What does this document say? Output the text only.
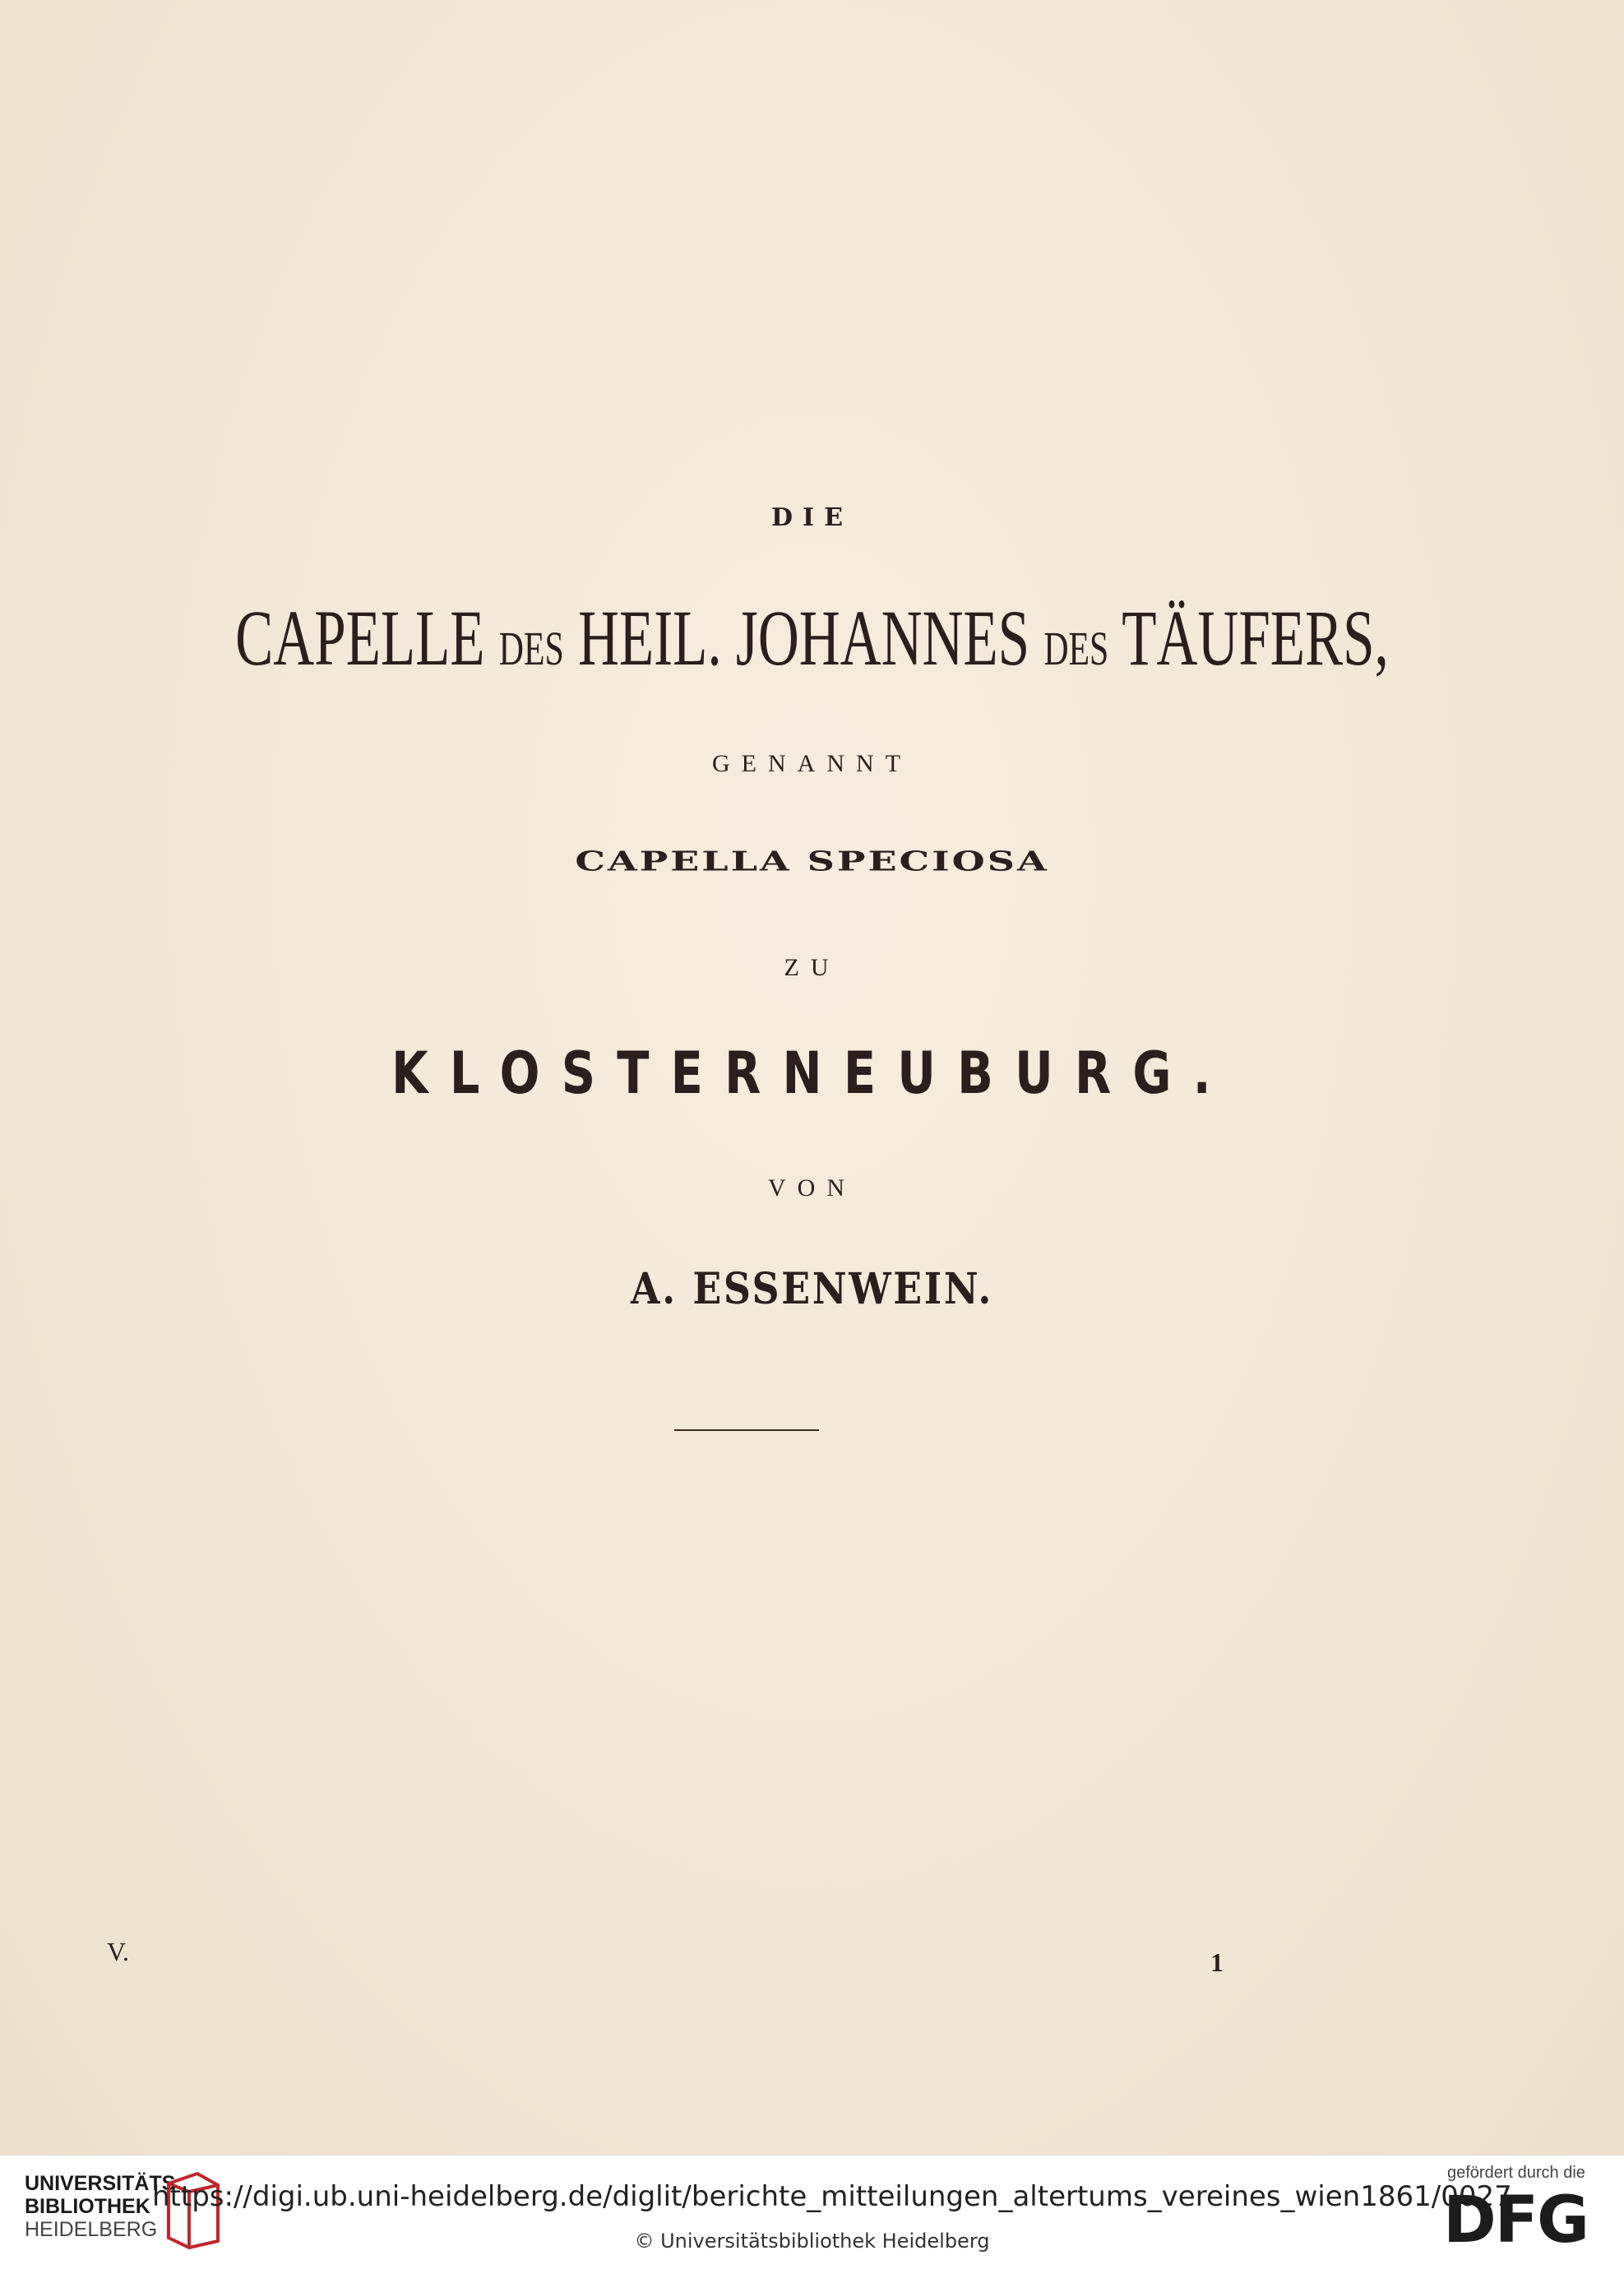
DIE
CAPELLE DES HEIL. JOHANNES DES TÄUFERS,
GENANNT
CAPELLA SPECIOSA
ZU
KLOSTERNEUBURG.
VON
A. ESSENWEIN.
V.	1
UNIVERSITÄTS
BIBLIOTHEK
HEIDELBERG
https://digi.ub.uni-heidelberg.de/diglit/berichte_mitteilungen_altertums_vereines_wien1861/0027
© Universitätsbibliothek Heidelberg
gefördert durch die
DFG
